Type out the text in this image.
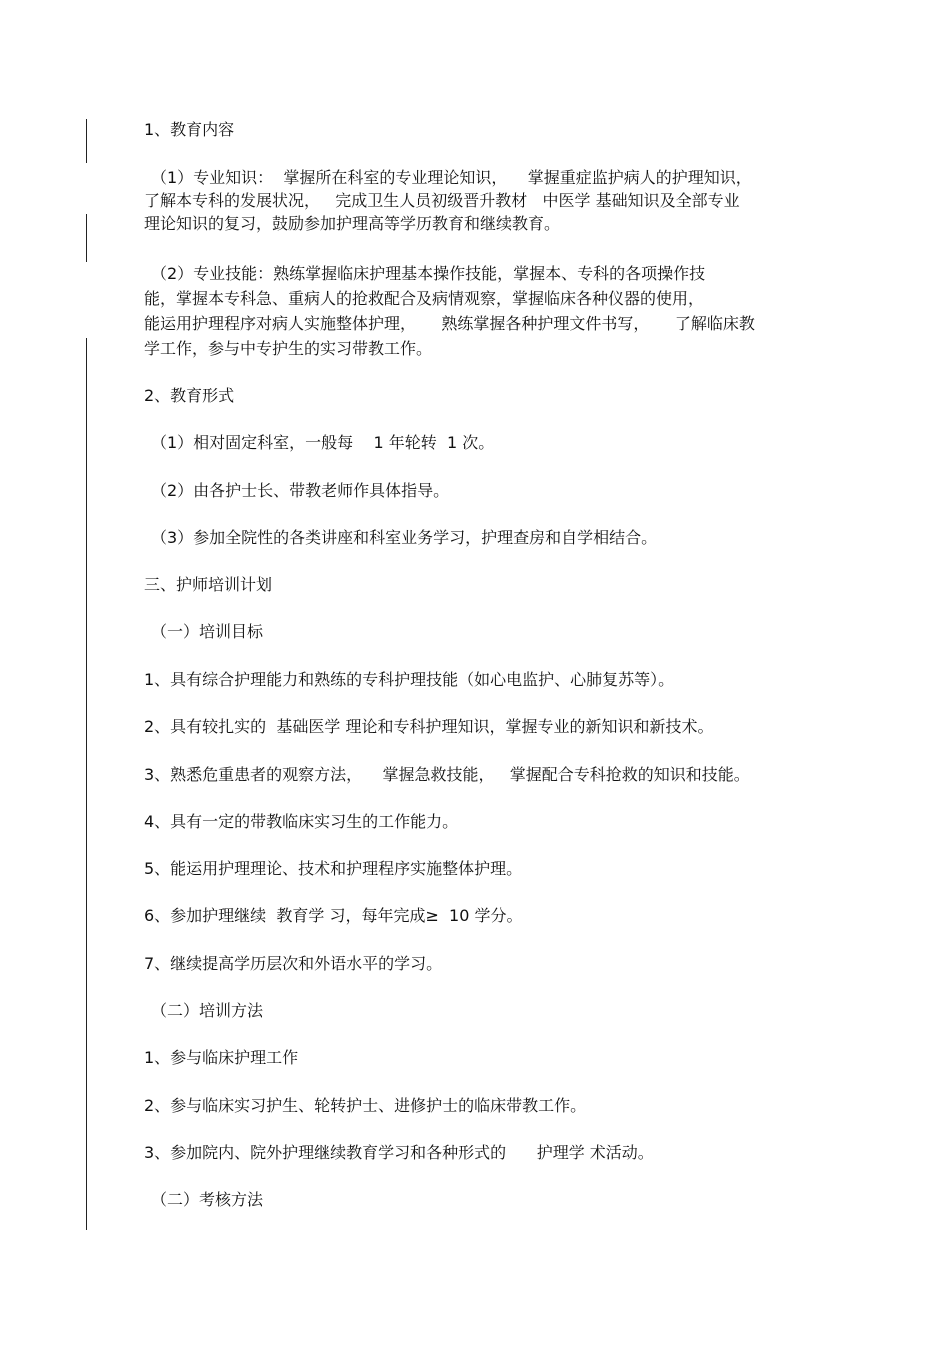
1、教育内容
（1）专业知识：  掌握所在科室的专业理论知识，    掌握重症监护病人的护理知识，
了解本专科的发展状况，   完成卫生人员初级晋升教材   中医学 基础知识及全部专业
理论知识的复习，鼓励参加护理高等学历教育和继续教育。
（2）专业技能：熟练掌握临床护理基本操作技能，掌握本、专科的各项操作技
能，掌握本专科急、重病人的抢救配合及病情观察，掌握临床各种仪器的使用，
能运用护理程序对病人实施整体护理，     熟练掌握各种护理文件书写，     了解临床教
学工作，参与中专护生的实习带教工作。
2、教育形式
（1）相对固定科室，一般每    1 年轮转  1 次。
（2）由各护士长、带教老师作具体指导。
（3）参加全院性的各类讲座和科室业务学习，护理查房和自学相结合。
三、护师培训计划
（一）培训目标
1、具有综合护理能力和熟练的专科护理技能（如心电监护、心肺复苏等）。
2、具有较扎实的  基础医学 理论和专科护理知识，掌握专业的新知识和新技术。
3、熟悉危重患者的观察方法，    掌握急救技能，   掌握配合专科抢救的知识和技能。
4、具有一定的带教临床实习生的工作能力。
5、能运用护理理论、技术和护理程序实施整体护理。
6、参加护理继续  教育学 习，每年完成≥  10 学分。
7、继续提高学历层次和外语水平的学习。
（二）培训方法
1、参与临床护理工作
2、参与临床实习护生、轮转护士、进修护士的临床带教工作。
3、参加院内、院外护理继续教育学习和各种形式的      护理学 术活动。
（二）考核方法
